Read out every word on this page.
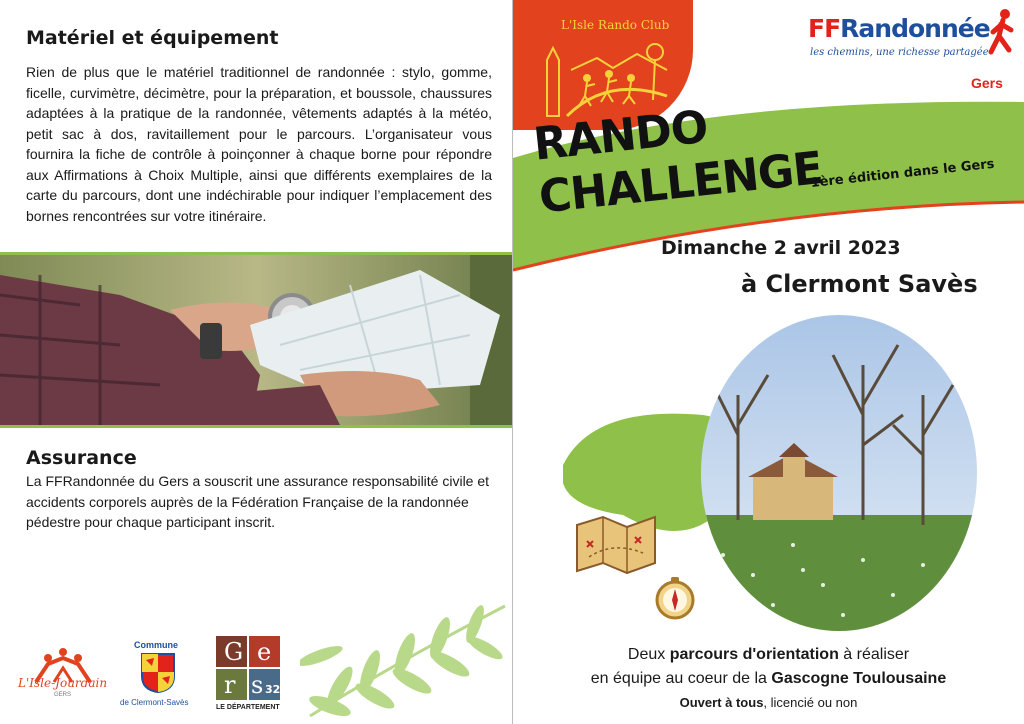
Matériel et équipement

Rien de plus que le matériel traditionnel de randonnée : stylo, gomme, ficelle, curvimètre, décimètre, pour la préparation, et boussole, chaussures adaptées à la pratique de la randonnée, vêtements adaptés à la météo, petit sac à dos, ravitaillement pour le parcours. L’organisateur vous fournira la fiche de contrôle à poinçonner à chaque borne pour répondre aux Affirmations à Choix Multiple, ainsi que différents exemplaires de la carte du parcours, dont une indéchirable pour indiquer l’emplacement des bornes rencontrées sur votre itinéraire.

Assurance

La FFRandonnée du Gers a souscrit une assurance responsabilité civile et accidents corporels auprès de la Fédération Française de la randonnée pédestre pour chaque participant inscrit.

L'Isle-Jourdain
GERS
Commune
de Clermont-Savès
G e
r s 32
LE DÉPARTEMENT
L'Isle Rando Club	FFRandonnée
les chemins, une richesse partagée
Gers
RANDO CHALLENGE
1ère édition dans le Gers
Dimanche 2 avril 2023
à Clermont Savès
Deux parcours d'orientation à réaliser
en équipe au coeur de la Gascogne Toulousaine
Ouvert à tous, licencié ou non
